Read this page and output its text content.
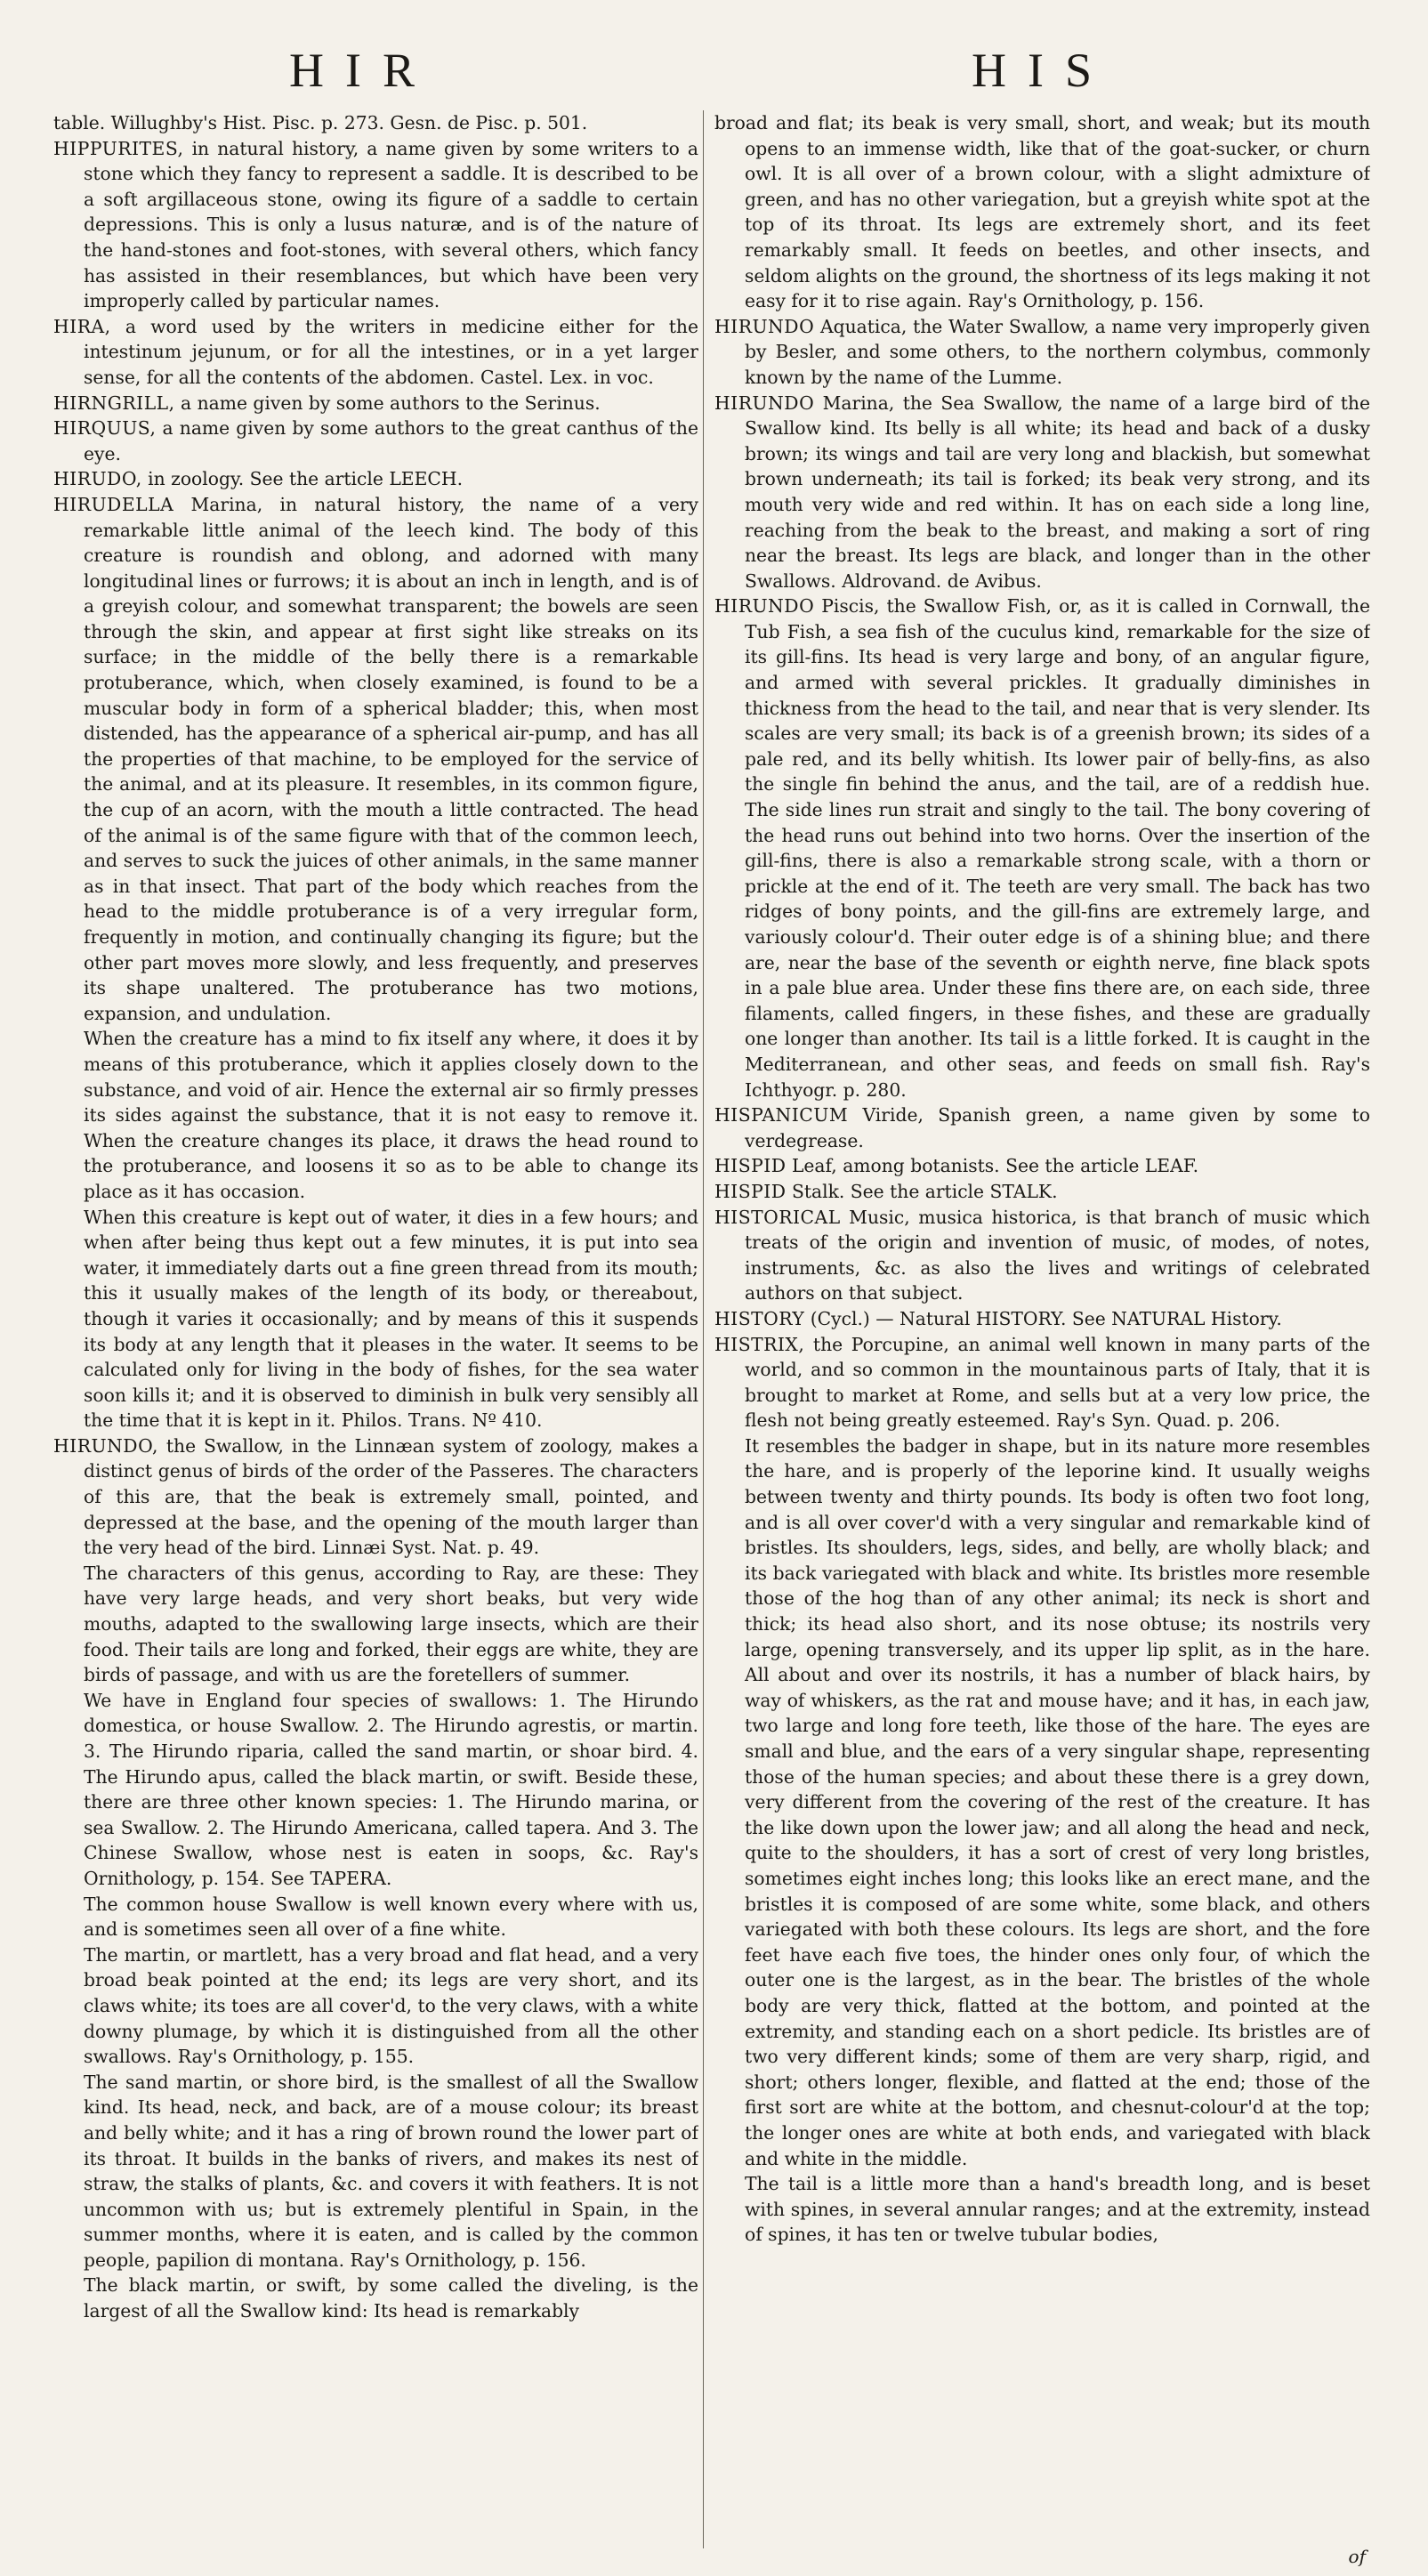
HIR	HIS

table. Willughby's Hist. Pisc. p. 273. Gesn. de Pisc. p. 501.

HIPPURITES, in natural history, a name given by some writers to a stone which they fancy to represent a saddle. It is described to be a soft argillaceous stone, owing its figure of a saddle to certain depressions. This is only a lusus naturæ, and is of the nature of the hand-stones and foot-stones, with several others, which fancy has assisted in their resemblances, but which have been very improperly called by particular names.

HIRA, a word used by the writers in medicine either for the intestinum jejunum, or for all the intestines, or in a yet larger sense, for all the contents of the abdomen. Castel. Lex. in voc.

HIRNGRILL, a name given by some authors to the Serinus.

HIRQUUS, a name given by some authors to the great canthus of the eye.

HIRUDO, in zoology. See the article LEECH.

HIRUDELLA Marina, in natural history, the name of a very remarkable little animal of the leech kind. The body of this creature is roundish and oblong, and adorned with many longitudinal lines or furrows; it is about an inch in length, and is of a greyish colour, and somewhat transparent; the bowels are seen through the skin, and appear at first sight like streaks on its surface; in the middle of the belly there is a remarkable protuberance, which, when closely examined, is found to be a muscular body in form of a spherical bladder; this, when most distended, has the appearance of a spherical air-pump, and has all the properties of that machine, to be employed for the service of the animal, and at its pleasure. It resembles, in its common figure, the cup of an acorn, with the mouth a little contracted. The head of the animal is of the same figure with that of the common leech, and serves to suck the juices of other animals, in the same manner as in that insect. That part of the body which reaches from the head to the middle protuberance is of a very irregular form, frequently in motion, and continually changing its figure; but the other part moves more slowly, and less frequently, and preserves its shape unaltered. The protuberance has two motions, expansion, and undulation.

When the creature has a mind to fix itself any where, it does it by means of this protuberance, which it applies closely down to the substance, and void of air. Hence the external air so firmly presses its sides against the substance, that it is not easy to remove it. When the creature changes its place, it draws the head round to the protuberance, and loosens it so as to be able to change its place as it has occasion.

When this creature is kept out of water, it dies in a few hours; and when after being thus kept out a few minutes, it is put into sea water, it immediately darts out a fine green thread from its mouth; this it usually makes of the length of its body, or thereabout, though it varies it occasionally; and by means of this it suspends its body at any length that it pleases in the water. It seems to be calculated only for living in the body of fishes, for the sea water soon kills it; and it is observed to diminish in bulk very sensibly all the time that it is kept in it. Philos. Trans. Nº 410.

HIRUNDO, the Swallow, in the Linnæan system of zoology, makes a distinct genus of birds of the order of the Passeres. The characters of this are, that the beak is extremely small, pointed, and depressed at the base, and the opening of the mouth larger than the very head of the bird. Linnæi Syst. Nat. p. 49.

The characters of this genus, according to Ray, are these: They have very large heads, and very short beaks, but very wide mouths, adapted to the swallowing large insects, which are their food. Their tails are long and forked, their eggs are white, they are birds of passage, and with us are the foretellers of summer.

We have in England four species of swallows: 1. The Hirundo domestica, or house Swallow. 2. The Hirundo agrestis, or martin. 3. The Hirundo riparia, called the sand martin, or shoar bird. 4. The Hirundo apus, called the black martin, or swift. Beside these, there are three other known species: 1. The Hirundo marina, or sea Swallow. 2. The Hirundo Americana, called tapera. And 3. The Chinese Swallow, whose nest is eaten in soops, &c. Ray's Ornithology, p. 154. See TAPERA.

The common house Swallow is well known every where with us, and is sometimes seen all over of a fine white.

The martin, or martlett, has a very broad and flat head, and a very broad beak pointed at the end; its legs are very short, and its claws white; its toes are all cover'd, to the very claws, with a white downy plumage, by which it is distinguished from all the other swallows. Ray's Ornithology, p. 155.

The sand martin, or shore bird, is the smallest of all the Swallow kind. Its head, neck, and back, are of a mouse colour; its breast and belly white; and it has a ring of brown round the lower part of its throat. It builds in the banks of rivers, and makes its nest of straw, the stalks of plants, &c. and covers it with feathers. It is not uncommon with us; but is extremely plentiful in Spain, in the summer months, where it is eaten, and is called by the common people, papilion di montana. Ray's Ornithology, p. 156.

The black martin, or swift, by some called the diveling, is the largest of all the Swallow kind: Its head is remarkably

broad and flat; its beak is very small, short, and weak; but its mouth opens to an immense width, like that of the goat-sucker, or churn owl. It is all over of a brown colour, with a slight admixture of green, and has no other variegation, but a greyish white spot at the top of its throat. Its legs are extremely short, and its feet remarkably small. It feeds on beetles, and other insects, and seldom alights on the ground, the shortness of its legs making it not easy for it to rise again. Ray's Ornithology, p. 156.

HIRUNDO Aquatica, the Water Swallow, a name very improperly given by Besler, and some others, to the northern colymbus, commonly known by the name of the Lumme.

HIRUNDO Marina, the Sea Swallow, the name of a large bird of the Swallow kind. Its belly is all white; its head and back of a dusky brown; its wings and tail are very long and blackish, but somewhat brown underneath; its tail is forked; its beak very strong, and its mouth very wide and red within. It has on each side a long line, reaching from the beak to the breast, and making a sort of ring near the breast. Its legs are black, and longer than in the other Swallows. Aldrovand. de Avibus.

HIRUNDO Piscis, the Swallow Fish, or, as it is called in Cornwall, the Tub Fish, a sea fish of the cuculus kind, remarkable for the size of its gill-fins. Its head is very large and bony, of an angular figure, and armed with several prickles. It gradually diminishes in thickness from the head to the tail, and near that is very slender. Its scales are very small; its back is of a greenish brown; its sides of a pale red, and its belly whitish. Its lower pair of belly-fins, as also the single fin behind the anus, and the tail, are of a reddish hue. The side lines run strait and singly to the tail. The bony covering of the head runs out behind into two horns. Over the insertion of the gill-fins, there is also a remarkable strong scale, with a thorn or prickle at the end of it. The teeth are very small. The back has two ridges of bony points, and the gill-fins are extremely large, and variously colour'd. Their outer edge is of a shining blue; and there are, near the base of the seventh or eighth nerve, fine black spots in a pale blue area. Under these fins there are, on each side, three filaments, called fingers, in these fishes, and these are gradually one longer than another. Its tail is a little forked. It is caught in the Mediterranean, and other seas, and feeds on small fish. Ray's Ichthyogr. p. 280.

HISPANICUM Viride, Spanish green, a name given by some to verdegrease.

HISPID Leaf, among botanists. See the article LEAF.

HISPID Stalk. See the article STALK.

HISTORICAL Music, musica historica, is that branch of music which treats of the origin and invention of music, of modes, of notes, instruments, &c. as also the lives and writings of celebrated authors on that subject.

HISTORY (Cycl.) — Natural HISTORY. See NATURAL History.

HISTRIX, the Porcupine, an animal well known in many parts of the world, and so common in the mountainous parts of Italy, that it is brought to market at Rome, and sells but at a very low price, the flesh not being greatly esteemed. Ray's Syn. Quad. p. 206.

It resembles the badger in shape, but in its nature more resembles the hare, and is properly of the leporine kind. It usually weighs between twenty and thirty pounds. Its body is often two foot long, and is all over cover'd with a very singular and remarkable kind of bristles. Its shoulders, legs, sides, and belly, are wholly black; and its back variegated with black and white. Its bristles more resemble those of the hog than of any other animal; its neck is short and thick; its head also short, and its nose obtuse; its nostrils very large, opening transversely, and its upper lip split, as in the hare. All about and over its nostrils, it has a number of black hairs, by way of whiskers, as the rat and mouse have; and it has, in each jaw, two large and long fore teeth, like those of the hare. The eyes are small and blue, and the ears of a very singular shape, representing those of the human species; and about these there is a grey down, very different from the covering of the rest of the creature. It has the like down upon the lower jaw; and all along the head and neck, quite to the shoulders, it has a sort of crest of very long bristles, sometimes eight inches long; this looks like an erect mane, and the bristles it is composed of are some white, some black, and others variegated with both these colours. Its legs are short, and the fore feet have each five toes, the hinder ones only four, of which the outer one is the largest, as in the bear. The bristles of the whole body are very thick, flatted at the bottom, and pointed at the extremity, and standing each on a short pedicle. Its bristles are of two very different kinds; some of them are very sharp, rigid, and short; others longer, flexible, and flatted at the end; those of the first sort are white at the bottom, and chesnut-colour'd at the top; the longer ones are white at both ends, and variegated with black and white in the middle.

The tail is a little more than a hand's breadth long, and is beset with spines, in several annular ranges; and at the extremity, instead of spines, it has ten or twelve tubular bodies,

of
